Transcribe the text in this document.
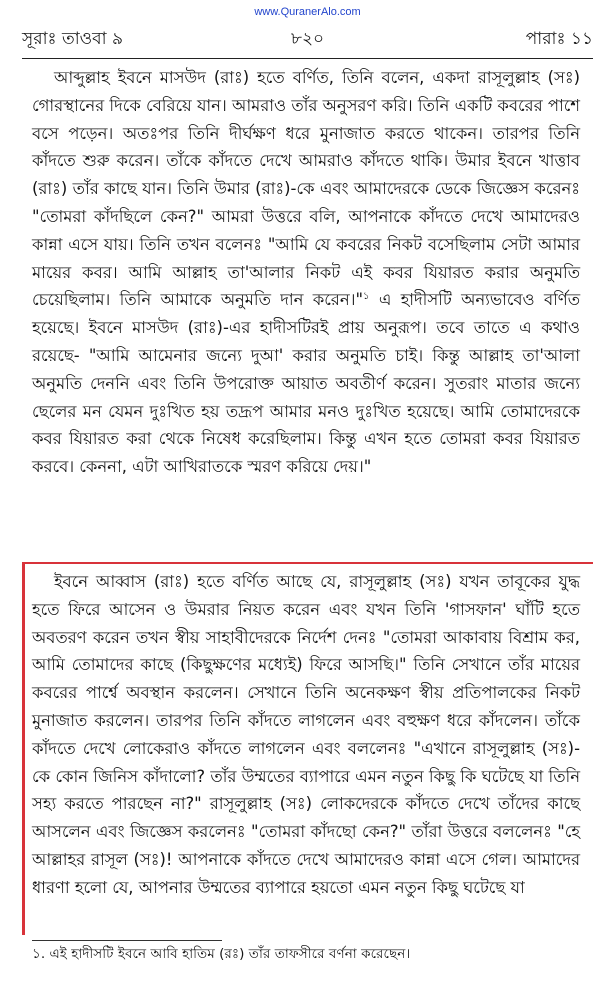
www.QuranerAlo.com
সূরাঃ তাওবা ৯	৮২০	পারাঃ ১১

আব্দুল্লাহ ইবনে মাসউদ (রাঃ) হতে বর্ণিত, তিনি বলেন, একদা রাসূলুল্লাহ (সঃ) গোরস্থানের দিকে বেরিয়ে যান। আমরাও তাঁর অনুসরণ করি। তিনি একটি কবরের পাশে বসে পড়েন। অতঃপর তিনি দীর্ঘক্ষণ ধরে মুনাজাত করতে থাকেন। তারপর তিনি কাঁদতে শুরু করেন। তাঁকে কাঁদতে দেখে আমরাও কাঁদতে থাকি। উমার ইবনে খাত্তাব (রাঃ) তাঁর কাছে যান। তিনি উমার (রাঃ)-কে এবং আমাদেরকে ডেকে জিজ্ঞেস করেনঃ "তোমরা কাঁদছিলে কেন?" আমরা উত্তরে বলি, আপনাকে কাঁদতে দেখে আমাদেরও কান্না এসে যায়। তিনি তখন বলেনঃ "আমি যে কবরের নিকট বসেছিলাম সেটা আমার মায়ের কবর। আমি আল্লাহ তা'আলার নিকট এই কবর যিয়ারত করার অনুমতি চেয়েছিলাম। তিনি আমাকে অনুমতি দান করেন।"$^১$ এ হাদীসটি অন্যভাবেও বর্ণিত হয়েছে। ইবনে মাসউদ (রাঃ)-এর হাদীসটিরই প্রায় অনুরূপ। তবে তাতে এ কথাও রয়েছে- "আমি আমেনার জন্যে দুআ' করার অনুমতি চাই। কিন্তু আল্লাহ তা'আলা অনুমতি দেননি এবং তিনি উপরোক্ত আয়াত অবতীর্ণ করেন। সুতরাং মাতার জন্যে ছেলের মন যেমন দুঃখিত হয় তদ্রূপ আমার মনও দুঃখিত হয়েছে। আমি তোমাদেরকে কবর যিয়ারত করা থেকে নিষেধ করেছিলাম। কিন্তু এখন হতে তোমরা কবর যিয়ারত করবে। কেননা, এটা আখিরাতকে স্মরণ করিয়ে দেয়।"

ইবনে আব্বাস (রাঃ) হতে বর্ণিত আছে যে, রাসূলুল্লাহ (সঃ) যখন তাবূকের যুদ্ধ হতে ফিরে আসেন ও উমরার নিয়ত করেন এবং যখন তিনি 'গাসফান' ঘাঁটি হতে অবতরণ করেন তখন স্বীয় সাহাবীদেরকে নির্দেশ দেনঃ "তোমরা আকাবায় বিশ্রাম কর, আমি তোমাদের কাছে (কিছুক্ষণের মধ্যেই) ফিরে আসছি।" তিনি সেখানে তাঁর মায়ের কবরের পার্শ্বে অবস্থান করলেন। সেখানে তিনি অনেকক্ষণ স্বীয় প্রতিপালকের নিকট মুনাজাত করলেন। তারপর তিনি কাঁদতে লাগলেন এবং বহুক্ষণ ধরে কাঁদলেন। তাঁকে কাঁদতে দেখে লোকেরাও কাঁদতে লাগলেন এবং বললেনঃ "এখানে রাসূলুল্লাহ (সঃ)-কে কোন জিনিস কাঁদালো? তাঁর উম্মতের ব্যাপারে এমন নতুন কিছু কি ঘটেছে যা তিনি সহ্য করতে পারছেন না?" রাসূলুল্লাহ (সঃ) লোকদেরকে কাঁদতে দেখে তাঁদের কাছে আসলেন এবং জিজ্ঞেস করলেনঃ "তোমরা কাঁদছো কেন?" তাঁরা উত্তরে বললেনঃ "হে আল্লাহর রাসূল (সঃ)! আপনাকে কাঁদতে দেখে আমাদেরও কান্না এসে গেল। আমাদের ধারণা হলো যে, আপনার উম্মতের ব্যাপারে হয়তো এমন নতুন কিছু ঘটেছে যা

১. এই হাদীসটি ইবনে আবি হাতিম (রঃ) তাঁর তাফসীরে বর্ণনা করেছেন।
